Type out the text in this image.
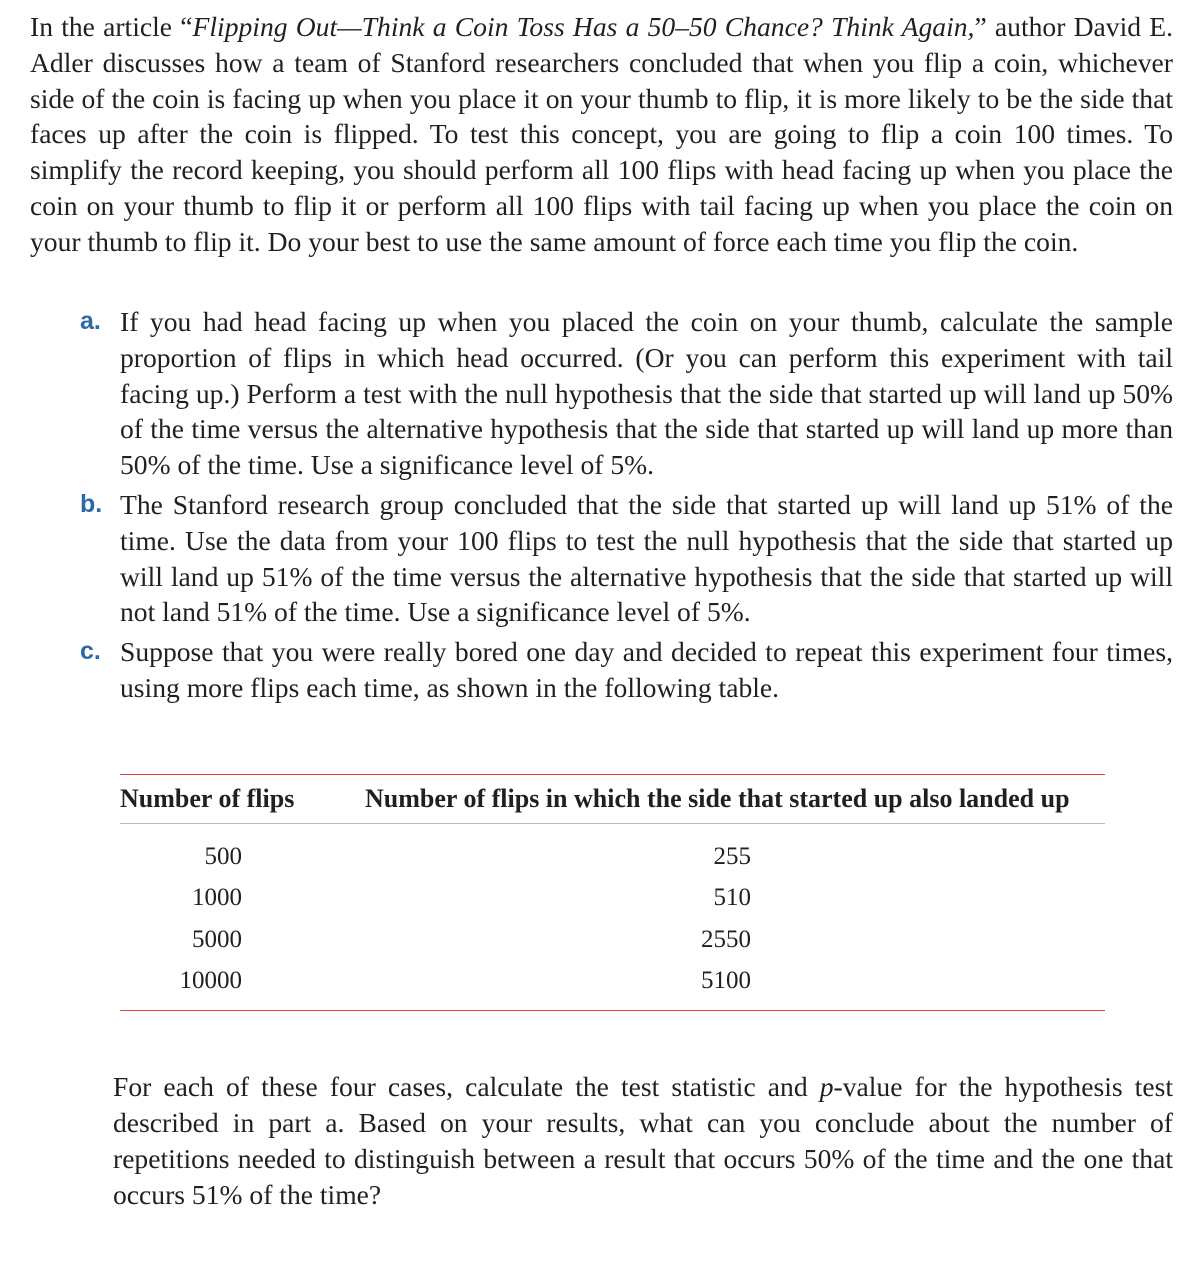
In the article “Flipping Out—Think a Coin Toss Has a 50–50 Chance? Think Again,” author David E. Adler discusses how a team of Stanford researchers concluded that when you flip a coin, whichever side of the coin is facing up when you place it on your thumb to flip, it is more likely to be the side that faces up after the coin is flipped. To test this concept, you are going to flip a coin 100 times. To simplify the record keeping, you should perform all 100 flips with head facing up when you place the coin on your thumb to flip it or perform all 100 flips with tail facing up when you place the coin on your thumb to flip it. Do your best to use the same amount of force each time you flip the coin.
a. If you had head facing up when you placed the coin on your thumb, calculate the sample proportion of flips in which head occurred. (Or you can perform this experiment with tail facing up.) Perform a test with the null hypothesis that the side that started up will land up 50% of the time versus the alternative hypothesis that the side that started up will land up more than 50% of the time. Use a significance level of 5%.
b. The Stanford research group concluded that the side that started up will land up 51% of the time. Use the data from your 100 flips to test the null hypothesis that the side that started up will land up 51% of the time versus the alternative hypothesis that the side that started up will not land 51% of the time. Use a significance level of 5%.
c. Suppose that you were really bored one day and decided to repeat this experiment four times, using more flips each time, as shown in the following table.
Number of flips	Number of flips in which the side that started up also landed up
500	255
1000	510
5000	2550
10000	5100
For each of these four cases, calculate the test statistic and p-value for the hypothesis test described in part a. Based on your results, what can you conclude about the number of repetitions needed to distinguish between a result that occurs 50% of the time and the one that occurs 51% of the time?
